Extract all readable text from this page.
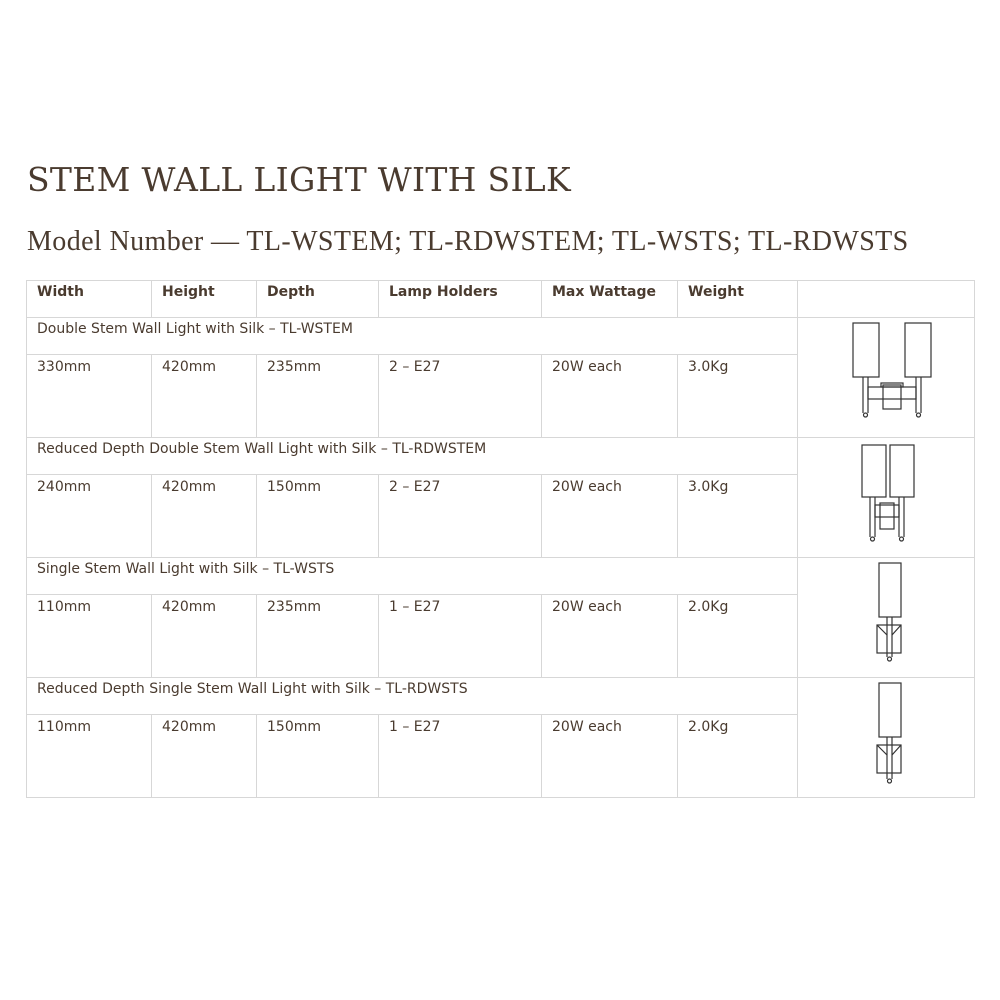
STEM WALL LIGHT WITH SILK
Model Number — TL-WSTEM; TL-RDWSTEM; TL-WSTS; TL-RDWSTS
Width	Height	Depth	Lamp Holders	Max Wattage	Weight	
Double Stem Wall Light with Silk – TL-WSTEM	

330mm	420mm	235mm	2 – E27	20W each	3.0Kg	
Reduced Depth Double Stem Wall Light with Silk – TL-RDWSTEM	

240mm	420mm	150mm	2 – E27	20W each	3.0Kg	
Single Stem Wall Light with Silk – TL-WSTS	

110mm	420mm	235mm	1 – E27	20W each	2.0Kg	
Reduced Depth Single Stem Wall Light with Silk – TL-RDWSTS	

110mm	420mm	150mm	1 – E27	20W each	2.0Kg	
